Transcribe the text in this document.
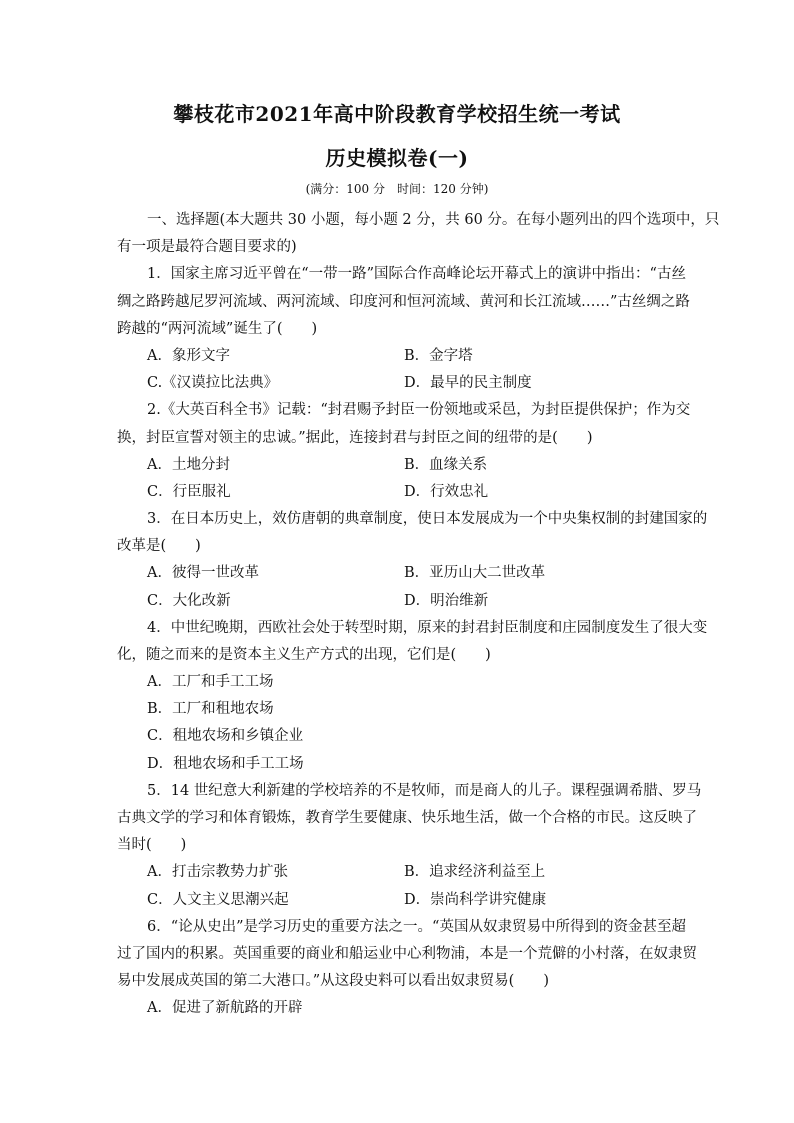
攀枝花市2021年高中阶段教育学校招生统一考试
历史模拟卷(一)
(满分：100 分　时间：120 分钟)
一、选择题(本大题共 30 小题，每小题 2 分，共 60 分。在每小题列出的四个选项中，只
有一项是最符合题目要求的)
1．国家主席习近平曾在“一带一路”国际合作高峰论坛开幕式上的演讲中指出：“古丝
绸之路跨越尼罗河流域、两河流域、印度河和恒河流域、黄河和长江流域……”古丝绸之路
跨越的“两河流域”诞生了(　　)
A．象形文字	B．金字塔
C.《汉谟拉比法典》	D．最早的民主制度
2.《大英百科全书》记载：“封君赐予封臣一份领地或采邑，为封臣提供保护；作为交
换，封臣宣誓对领主的忠诚。”据此，连接封君与封臣之间的纽带的是(　　)
A．土地分封	B．血缘关系
C．行臣服礼	D．行效忠礼
3．在日本历史上，效仿唐朝的典章制度，使日本发展成为一个中央集权制的封建国家的
改革是(　　)
A．彼得一世改革	B．亚历山大二世改革
C．大化改新	D．明治维新
4．中世纪晚期，西欧社会处于转型时期，原来的封君封臣制度和庄园制度发生了很大变
化，随之而来的是资本主义生产方式的出现，它们是(　　)
A．工厂和手工工场
B．工厂和租地农场
C．租地农场和乡镇企业
D．租地农场和手工工场
5．14 世纪意大利新建的学校培养的不是牧师，而是商人的儿子。课程强调希腊、罗马
古典文学的学习和体育锻炼，教育学生要健康、快乐地生活，做一个合格的市民。这反映了
当时(　　)
A．打击宗教势力扩张	B．追求经济利益至上
C．人文主义思潮兴起	D．崇尚科学讲究健康
6．“论从史出”是学习历史的重要方法之一。“英国从奴隶贸易中所得到的资金甚至超
过了国内的积累。英国重要的商业和船运业中心利物浦，本是一个荒僻的小村落，在奴隶贸
易中发展成英国的第二大港口。”从这段史料可以看出奴隶贸易(　　)
A．促进了新航路的开辟
